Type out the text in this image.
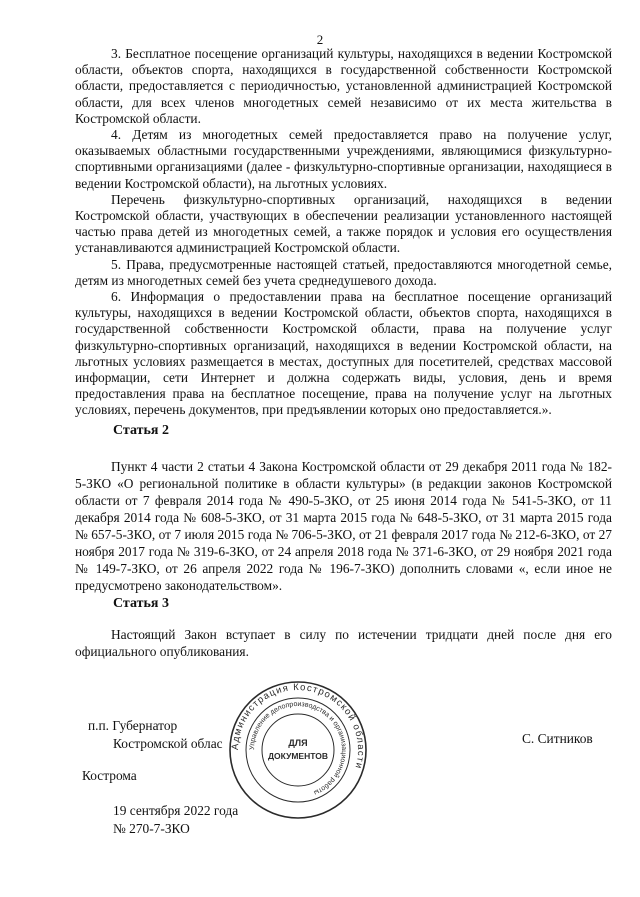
2

3. Бесплатное посещение организаций культуры, находящихся в ведении Костромской области, объектов спорта, находящихся в государственной собственности Костромской области, предоставляется с периодичностью, установленной администрацией Костромской области, для всех членов многодетных семей независимо от их места жительства в Костромской области.

4. Детям из многодетных семей предоставляется право на получение услуг, оказываемых областными государственными учреждениями, являющимися физкультурно-спортивными организациями (далее - физкультурно-спортивные организации, находящиеся в ведении Костромской области), на льготных условиях.

Перечень физкультурно-спортивных организаций, находящихся в ведении Костромской области, участвующих в обеспечении реализации установленного настоящей частью права детей из многодетных семей, а также порядок и условия его осуществления устанавливаются администрацией Костромской области.

5. Права, предусмотренные настоящей статьей, предоставляются многодетной семье, детям из многодетных семей без учета среднедушевого дохода.

6. Информация о предоставлении права на бесплатное посещение организаций культуры, находящихся в ведении Костромской области, объектов спорта, находящихся в государственной собственности Костромской области, права на получение услуг физкультурно-спортивных организаций, находящихся в ведении Костромской области, на льготных условиях размещается в местах, доступных для посетителей, средствах массовой информации, сети Интернет и должна содержать виды, условия, день и время предоставления права на бесплатное посещение, права на получение услуг на льготных условиях, перечень документов, при предъявлении которых оно предоставляется.».

Статья 2

Пункт 4 части 2 статьи 4 Закона Костромской области от 29 декабря 2011 года № 182-5-ЗКО «О региональной политике в области культуры» (в редакции законов Костромской области от 7 февраля 2014 года № 490-5-ЗКО, от 25 июня 2014 года № 541-5-ЗКО, от 11 декабря 2014 года № 608-5-ЗКО, от 31 марта 2015 года № 648-5-ЗКО, от 31 марта 2015 года № 657-5-ЗКО, от 7 июля 2015 года № 706-5-ЗКО, от 21 февраля 2017 года № 212-6-ЗКО, от 27 ноября 2017 года № 319-6-ЗКО, от 24 апреля 2018 года № 371-6-ЗКО, от 29 ноября 2021 года № 149-7-ЗКО, от 26 апреля 2022 года № 196-7-ЗКО) дополнить словами «, если иное не предусмотрено законодательством».

Статья 3

Настоящий Закон вступает в силу по истечении тридцати дней после дня его официального опубликования.

п.п. Губернатор

Костромской облас	С. Ситников

Кострома

19 сентября 2022 года

№ 270-7-ЗКО

Администрация Костромской области
Управление делопроизводства и организационной работы
ДЛЯ
ДОКУМЕНТОВ
